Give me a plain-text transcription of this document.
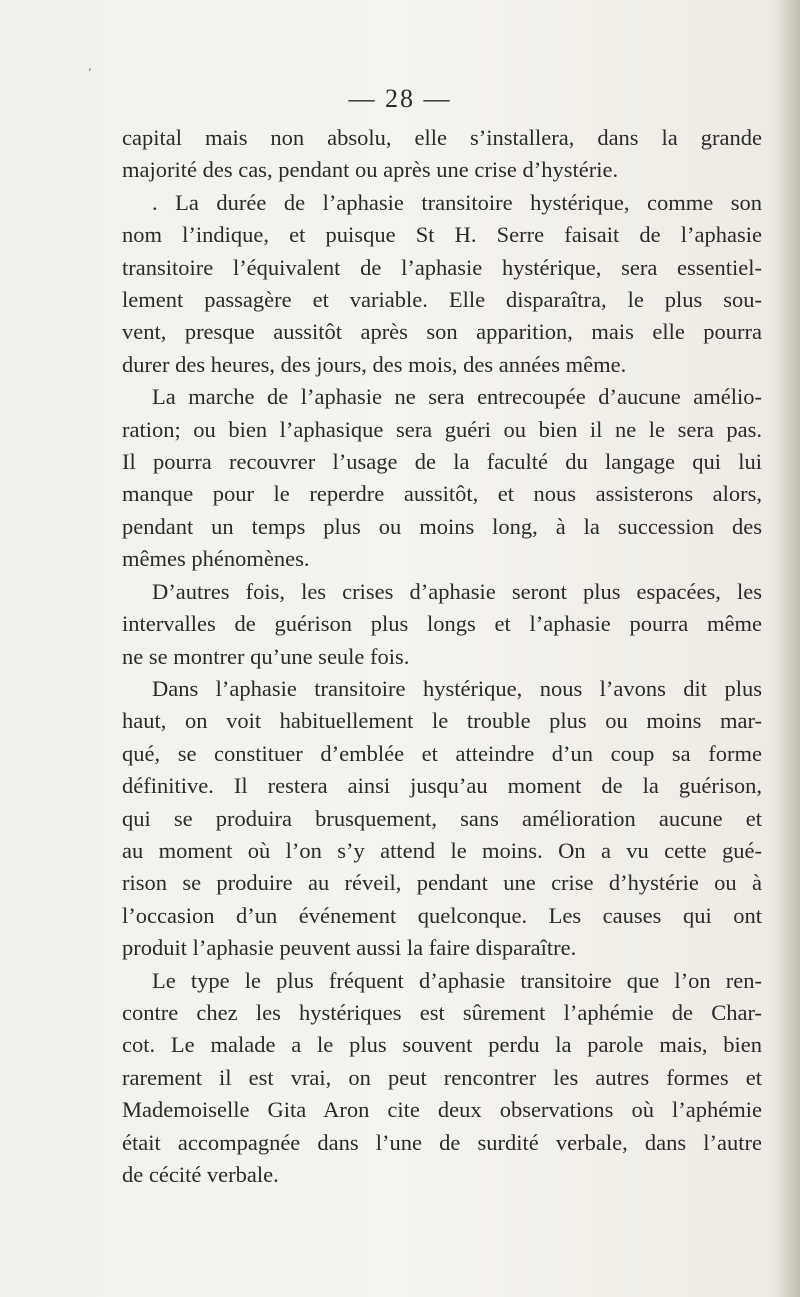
ʻ
— 28 —
capital mais non absolu, elle s’installera, dans la grande
majorité des cas, pendant ou après une crise d’hystérie.
. La durée de l’aphasie transitoire hystérique, comme son
nom l’indique, et puisque St H. Serre faisait de l’aphasie
transitoire l’équivalent de l’aphasie hystérique, sera essentiel-
lement passagère et variable. Elle disparaîtra, le plus sou-
vent, presque aussitôt après son apparition, mais elle pourra
durer des heures, des jours, des mois, des années même.
La marche de l’aphasie ne sera entrecoupée d’aucune amélio-
ration; ou bien l’aphasique sera guéri ou bien il ne le sera pas.
Il pourra recouvrer l’usage de la faculté du langage qui lui
manque pour le reperdre aussitôt, et nous assisterons alors,
pendant un temps plus ou moins long, à la succession des
mêmes phénomènes.
D’autres fois, les crises d’aphasie seront plus espacées, les
intervalles de guérison plus longs et l’aphasie pourra même
ne se montrer qu’une seule fois.
Dans l’aphasie transitoire hystérique, nous l’avons dit plus
haut, on voit habituellement le trouble plus ou moins mar-
qué, se constituer d’emblée et atteindre d’un coup sa forme
définitive. Il restera ainsi jusqu’au moment de la guérison,
qui se produira brusquement, sans amélioration aucune et
au moment où l’on s’y attend le moins. On a vu cette gué-
rison se produire au réveil, pendant une crise d’hystérie ou à
l’occasion d’un événement quelconque. Les causes qui ont
produit l’aphasie peuvent aussi la faire disparaître.
Le type le plus fréquent d’aphasie transitoire que l’on ren-
contre chez les hystériques est sûrement l’aphémie de Char-
cot. Le malade a le plus souvent perdu la parole mais, bien
rarement il est vrai, on peut rencontrer les autres formes et
Mademoiselle Gita Aron cite deux observations où l’aphémie
était accompagnée dans l’une de surdité verbale, dans l’autre
de cécité verbale.
